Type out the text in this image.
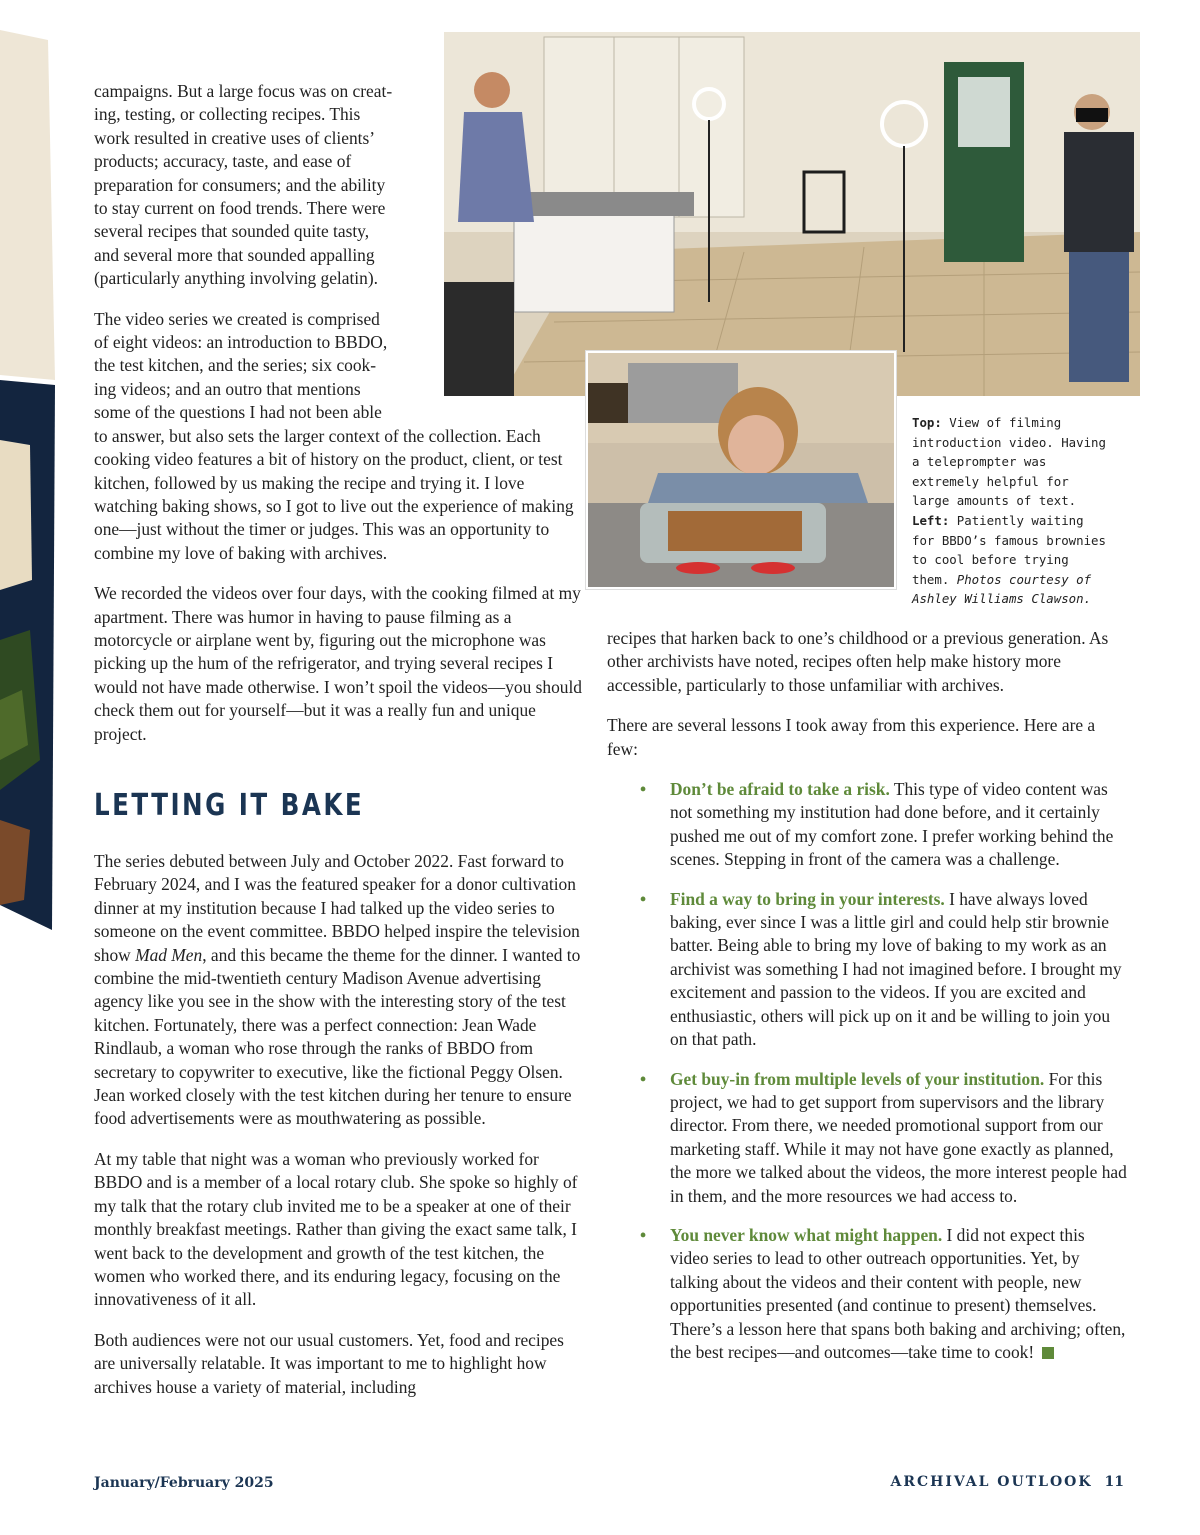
Top: View of filming introduction video. Having a teleprompter was extremely helpful for large amounts of text. Left: Patiently waiting for BBDO’s famous brownies to cool before trying them. Photos courtesy of Ashley Williams Clawson.

campaigns. But a large focus was on creat-
ing, testing, or collecting recipes. This
work resulted in creative uses of clients’
products; accuracy, taste, and ease of
preparation for consumers; and the ability
to stay current on food trends. There were
several recipes that sounded quite tasty,
and several more that sounded appalling
(particularly anything involving gelatin).

The video series we created is comprised
of eight videos: an introduction to BBDO,
the test kitchen, and the series; six cook-
ing videos; and an outro that mentions
some of the questions I had not been able
to answer, but also sets the larger context of the collection. Each cooking video features a bit of history on the product, client, or test kitchen, followed by us making the recipe and trying it. I love watching baking shows, so I got to live out the experience of making one—just without the timer or judges. This was an opportunity to combine my love of baking with archives.

We recorded the videos over four days, with the cooking filmed at my apartment. There was humor in having to pause filming as a motorcycle or airplane went by, figuring out the microphone was picking up the hum of the refrigerator, and trying several recipes I would not have made otherwise. I won’t spoil the videos—you should check them out for yourself—but it was a really fun and unique project.

LETTING IT BAKE

The series debuted between July and October 2022. Fast forward to February 2024, and I was the featured speaker for a donor cultivation dinner at my institution because I had talked up the video series to someone on the event committee. BBDO helped inspire the television show Mad Men, and this became the theme for the dinner. I wanted to combine the mid-twentieth century Madison Avenue advertising agency like you see in the show with the interesting story of the test kitchen. Fortunately, there was a perfect connection: Jean Wade Rindlaub, a woman who rose through the ranks of BBDO from secretary to copywriter to executive, like the fictional Peggy Olsen. Jean worked closely with the test kitchen during her tenure to ensure food advertisements were as mouthwatering as possible.

At my table that night was a woman who previously worked for BBDO and is a member of a local rotary club. She spoke so highly of my talk that the rotary club invited me to be a speaker at one of their monthly breakfast meetings. Rather than giving the exact same talk, I went back to the development and growth of the test kitchen, the women who worked there, and its enduring legacy, focusing on the innovativeness of it all.

Both audiences were not our usual customers. Yet, food and recipes are universally relatable. It was important to me to highlight how archives house a variety of material, including

recipes that harken back to one’s childhood or a previous generation. As other archivists have noted, recipes often help make history more accessible, particularly to those unfamiliar with archives.

There are several lessons I took away from this experience. Here are a few:

• Don’t be afraid to take a risk. This type of video content was not something my institution had done before, and it certainly pushed me out of my comfort zone. I prefer working behind the scenes. Stepping in front of the camera was a challenge.
• Find a way to bring in your interests. I have always loved baking, ever since I was a little girl and could help stir brownie batter. Being able to bring my love of baking to my work as an archivist was something I had not imagined before. I brought my excitement and passion to the videos. If you are excited and enthusiastic, others will pick up on it and be willing to join you on that path.
• Get buy-in from multiple levels of your institution. For this project, we had to get support from supervisors and the library director. From there, we needed promotional support from our marketing staff. While it may not have gone exactly as planned, the more we talked about the videos, the more interest people had in them, and the more resources we had access to.
• You never know what might happen. I did not expect this video series to lead to other outreach opportunities. Yet, by talking about the videos and their content with people, new opportunities presented (and continue to present) themselves. There’s a lesson here that spans both baking and archiving; often, the best recipes—and outcomes—take time to cook!
January/February 2025	ARCHIVAL OUTLOOK 11
